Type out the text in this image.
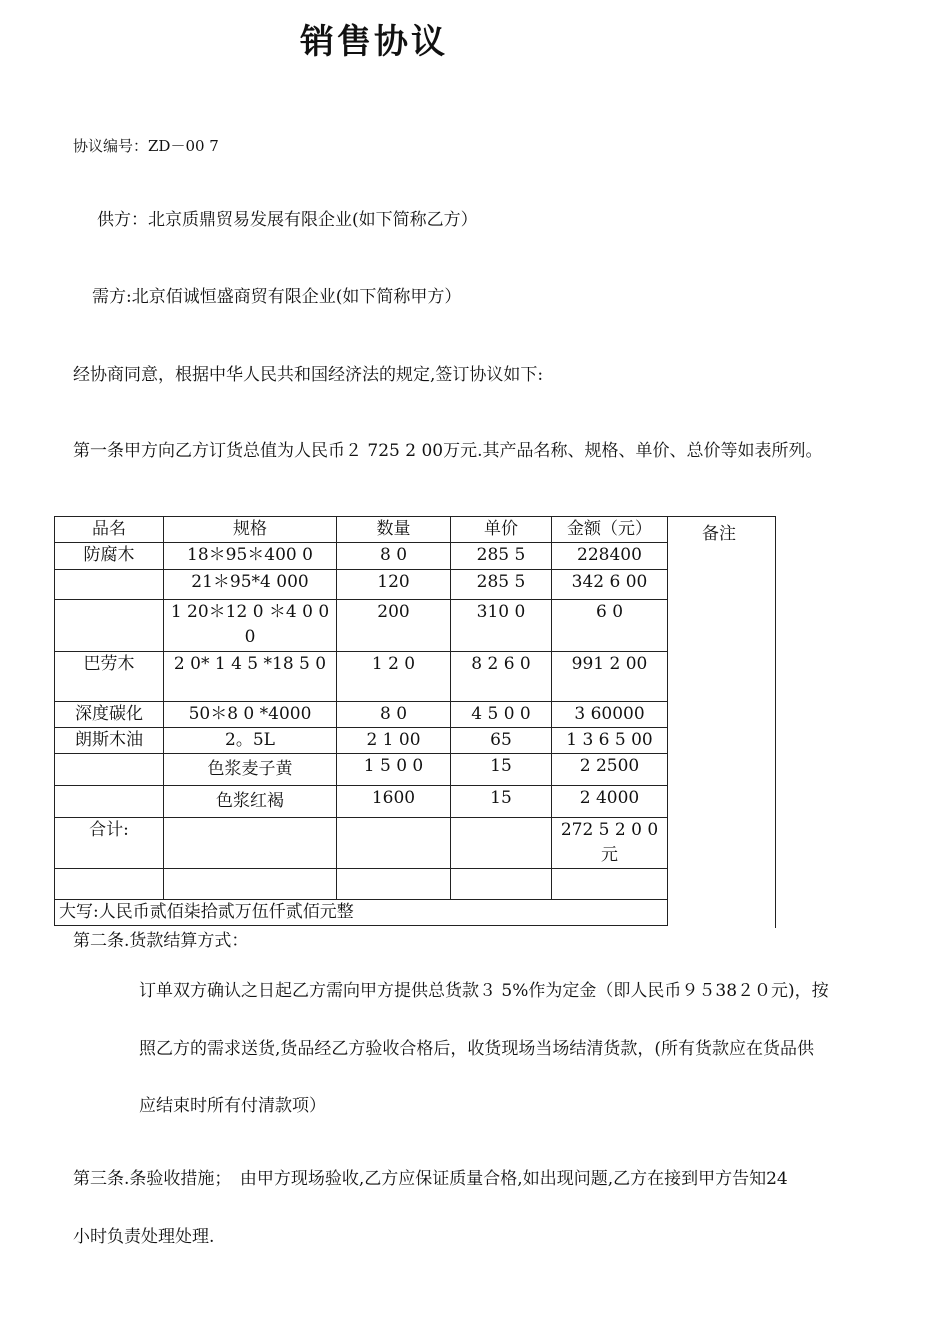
销售协议
协议编号：ZD－00 7
供方：北京质鼎贸易发展有限企业(如下简称乙方）
需方:北京佰诚恒盛商贸有限企业(如下简称甲方）
经协商同意，根据中华人民共和国经济法的规定,签订协议如下:
第一条甲方向乙方订货总值为人民币２ 725 2 00万元.其产品名称、规格、单价、总价等如表所列。
品名	规格	数量	单价	金额（元）
防腐木	18＊95＊400 0	8 0	285 5	228400
	21＊95*4 000	120	285 5	342 6 00
	1 20＊12 0 ＊4 0 0 0	200	310 0	6 0
巴劳木	2 0* 1 4 5 *18 5 0	1 2 0	8 2 6 0	991 2 00
深度碳化	50＊8 0 *4000	8 0	4 5 0 0	3 60000
朗斯木油	2。5L	2 1 00	65	1 3 6 5 00
	色浆麦子黄	1 5 0 0	15	2 2500
	色浆红褐	1600	15	2 4000
合计:				272 5 2 0 0元

大写:人民币贰佰柒拾贰万伍仟贰佰元整				
备注
第二条.货款结算方式：
订单双方确认之日起乙方需向甲方提供总货款３ 5%作为定金（即人民币９５38２０元)，按
照乙方的需求送货,货品经乙方验收合格后，收货现场当场结清货款，(所有货款应在货品供
应结束时所有付清款项）
第三条.条验收措施；　由甲方现场验收,乙方应保证质量合格,如出现问题,乙方在接到甲方告知24
小时负责处理处理.
